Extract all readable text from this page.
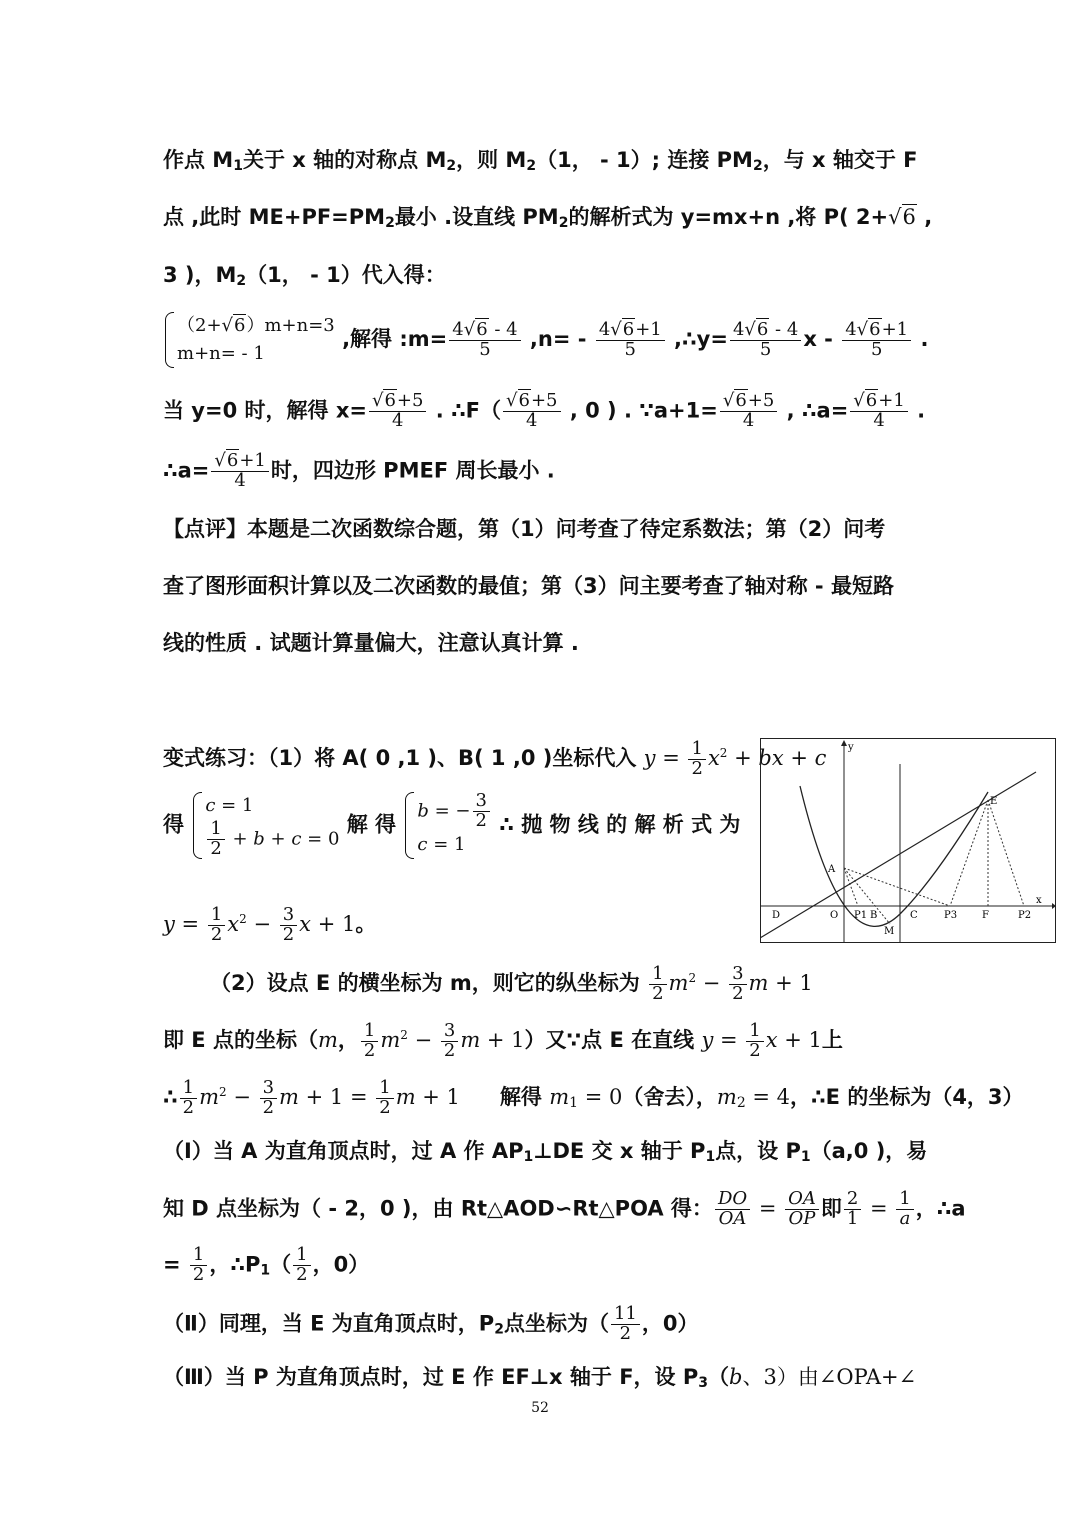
作点 $M_1$关于 x 轴的对称点 $M_2$，则 $M_2(1$， - 1）; 连接 $PM_2$，与 x 轴交于 F
点 ,此时 $ME+PF=PM_2$最小 .设直线 $PM_2$的解析式为 y=mx+n ,将 P( 2+√6 ,
3 )，$M_2(1$， - 1）代入得：
（2+√6）m+n=3
m+n= - 1
,解得 :m= $\frac{4√6 - 4}{5} ,n= - \frac{4√6+1}{5}$ ,∴y= $\frac{4√6 - 4}{5}$ x - $\frac{4√6+1}{5}$ .
当 y=0 时，解得 $x= \frac{√6+5}{4}$ . ∴F（ $\frac{√6+5}{4}$ , 0 ) . ∵a+1= $\frac{√6+5}{4}$ , ∴a= $\frac{√6+1}{4}$ .
∴a= $\frac{√6+1}{4}$ 时，四边形 PMEF 周长最小 .
【点评】本题是二次函数综合题，第（1）问考查了待定系数法；第（2）问考
查了图形面积计算以及二次函数的最值；第（3）问主要考查了轴对称 - 最短路
线的性质 . 试题计算量偏大，注意认真计算 .
变式练习：（1）将 A( 0 ,1 )、B( 1 ,0 )坐标代入 $y = \frac{1}{2} x^2$ + bx + c
得
c = 1
$\frac{1}{2} + b + c = 0$
解 得
b = − $\frac{3}{2}$
c = 1
∴ 抛 物 线 的 解 析 式 为
$y = \frac{1}{2} x^2 - \frac{3}{2}$ x + 1。
（2）设点 E 的横坐标为 m，则它的纵坐标为 $\frac{1}{2} m^2 - \frac{3}{2}$ m + 1
即 E 点的坐标（m， $\frac{1}{2} m^2 - \frac{3}{2}$ m + 1）又∵点 E 在直线 $y = \frac{1}{2}$ x + 1上
∴ $\frac{1}{2} m^2 - \frac{3}{2}$ $m + 1 = \frac{1}{2}$ m + 1 解得 $m_1 = 0$（舍去），$m_2 = 4$，∴E 的坐标为（4，3）
（Ⅰ）当 A 为直角顶点时，过 A 作 $AP_1\perp DE$ 交 x 轴于 $P_1$点，设 $P_1(a,0$ )，易
知 D 点坐标为（ - 2，0 )，由 Rt△AOD∽Rt△POA 得： $\frac{DO}{OA} = \frac{OA}{OP}$ 即 $\frac{2}{1} = \frac{1}{a}$ ，∴a
= $\frac{1}{2}$ ，$\therefore P_1( \frac{1}{2}$ ，0）
（Ⅱ）同理，当 E 为直角顶点时，$P_2$点坐标为（ $\frac{11}{2}$ ，0）
（Ⅲ）当 P 为直角顶点时，过 E 作 EF⊥x 轴于 F，设 $P_3(b$、3）由∠OPA+∠
y
x
E
A
D	O P1 B	C	P3 F	P2
M
52
